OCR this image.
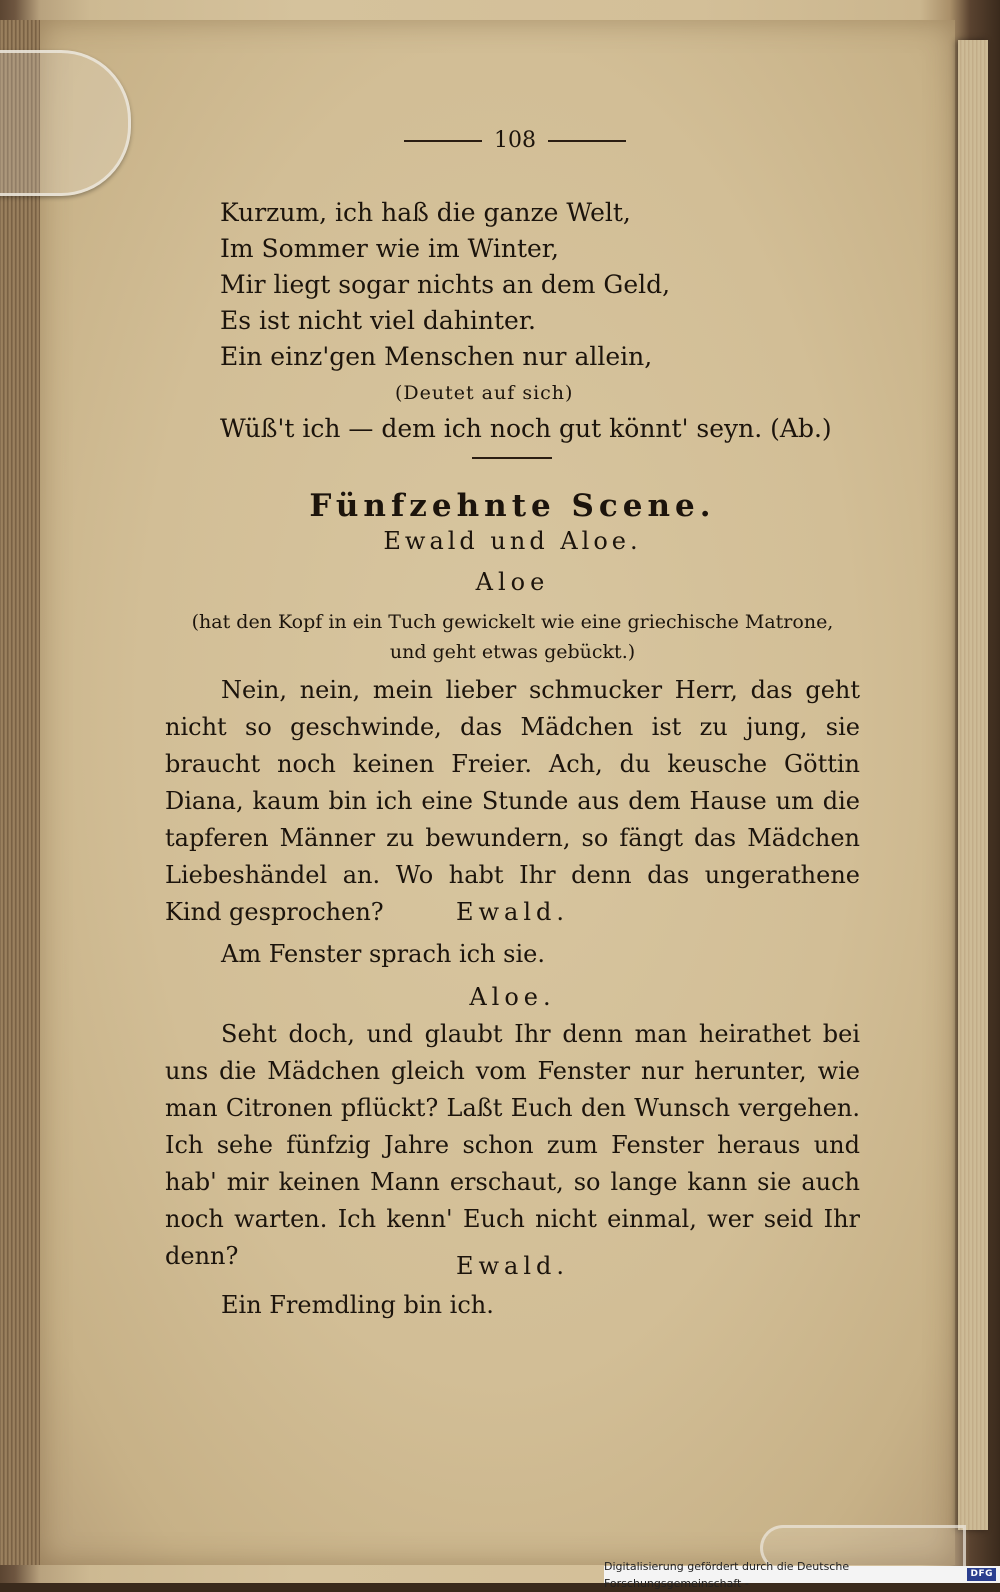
108
Kurzum, ich haß die ganze Welt,
Im Sommer wie im Winter,
Mir liegt sogar nichts an dem Geld,
Es ist nicht viel dahinter.
Ein einz'gen Menschen nur allein,
(Deutet auf sich)
Wüß't ich — dem ich noch gut könnt' seyn. (Ab.)
Fünfzehnte Scene.
Ewald und Aloe.
Aloe
(hat den Kopf in ein Tuch gewickelt wie eine griechische Matrone,
und geht etwas gebückt.)

Nein, nein, mein lieber schmucker Herr, das geht nicht so geschwinde, das Mädchen ist zu jung, sie braucht noch keinen Freier. Ach, du keusche Göttin Diana, kaum bin ich eine Stunde aus dem Hause um die tapferen Männer zu bewundern, so fängt das Mädchen Liebeshändel an. Wo habt Ihr denn das ungerathene Kind gesprochen?	Ewald.

Am Fenster sprach ich sie.

Aloe.

Seht doch, und glaubt Ihr denn man heirathet bei uns die Mädchen gleich vom Fenster nur herunter, wie man Citronen pflückt? Laßt Euch den Wunsch vergehen. Ich sehe fünfzig Jahre schon zum Fenster heraus und hab' mir keinen Mann erschaut, so lange kann sie auch noch warten. Ich kenn' Euch nicht einmal, wer seid Ihr denn?	Ewald.

Ein Fremdling bin ich.

Digitalisierung gefördert durch die Deutsche Forschungsgemeinschaft -
DFG
